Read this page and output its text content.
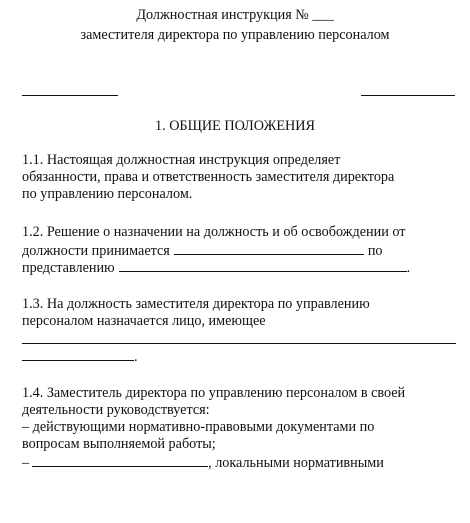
Должностная инструкция № ___
заместителя директора по управлению персоналом
1. ОБЩИЕ ПОЛОЖЕНИЯ
1.1. Настоящая должностная инструкция определяет
обязанности, права и ответственность заместителя директора
по управлению персоналом.
1.2. Решение о назначении на должность и об освобождении от
должности принимается	по
представлению	.
1.3. На должность заместителя директора по управлению
персоналом назначается лицо, имеющее
.
1.4. Заместитель директора по управлению персоналом в своей
деятельности руководствуется:
– действующими нормативно-правовыми документами по
вопросам выполняемой работы;
–	, локальными нормативными
